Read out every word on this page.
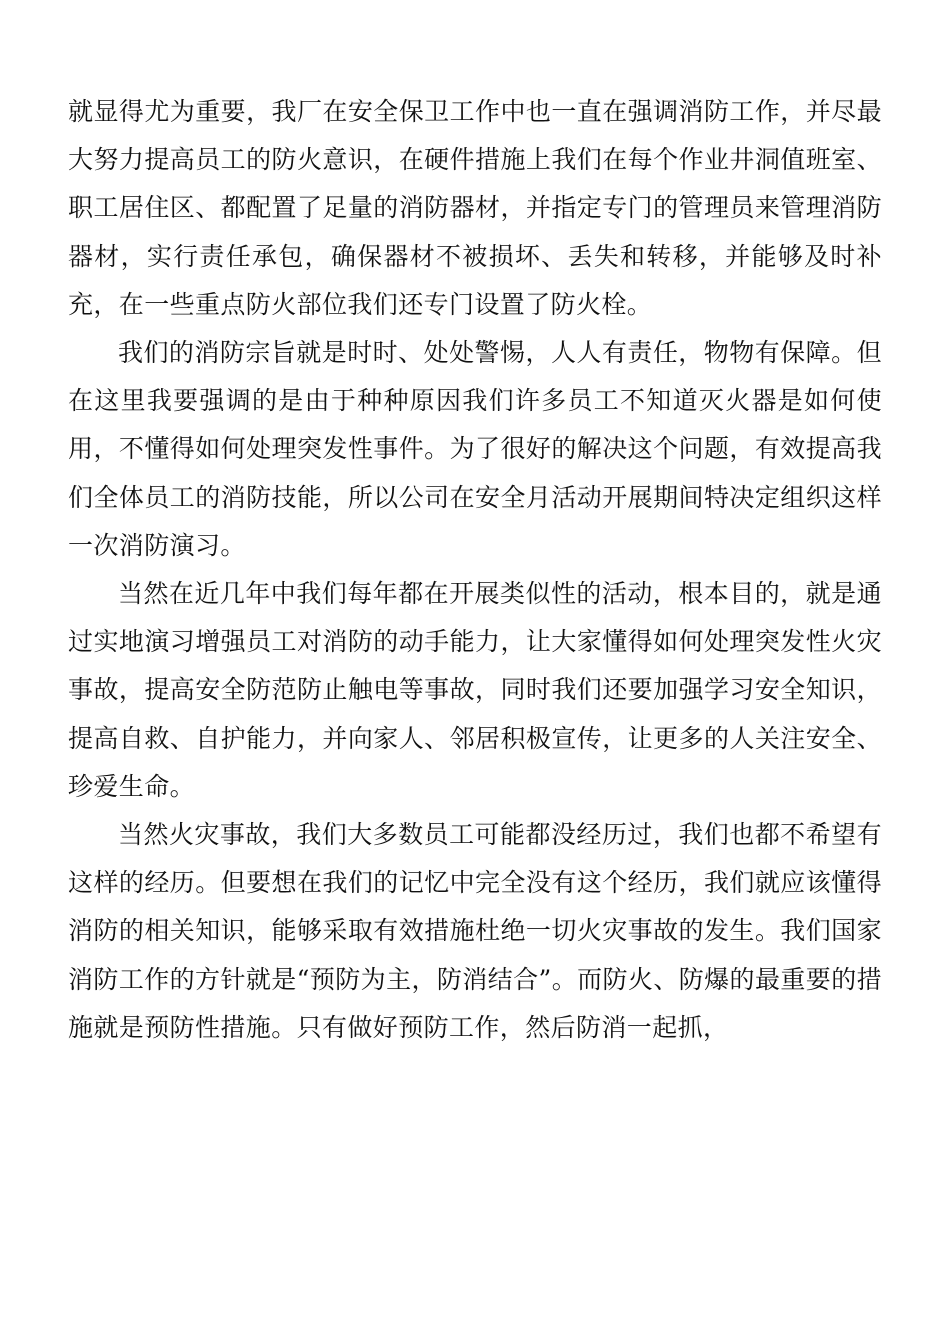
就显得尤为重要，我厂在安全保卫工作中也一直在强调消防工作，并尽最大努力提高员工的防火意识，在硬件措施上我们在每个作业井洞值班室、职工居住区、都配置了足量的消防器材，并指定专门的管理员来管理消防器材，实行责任承包，确保器材不被损坏、丢失和转移，并能够及时补充，在一些重点防火部位我们还专门设置了防火栓。

我们的消防宗旨就是时时、处处警惕，人人有责任，物物有保障。但在这里我要强调的是由于种种原因我们许多员工不知道灭火器是如何使用，不懂得如何处理突发性事件。为了很好的解决这个问题，有效提高我们全体员工的消防技能，所以公司在安全月活动开展期间特决定组织这样一次消防演习。

当然在近几年中我们每年都在开展类似性的活动，根本目的，就是通过实地演习增强员工对消防的动手能力，让大家懂得如何处理突发性火灾事故，提高安全防范防止触电等事故，同时我们还要加强学习安全知识，提高自救、自护能力，并向家人、邻居积极宣传，让更多的人关注安全、珍爱生命。

当然火灾事故，我们大多数员工可能都没经历过，我们也都不希望有这样的经历。但要想在我们的记忆中完全没有这个经历，我们就应该懂得消防的相关知识，能够采取有效措施杜绝一切火灾事故的发生。我们国家消防工作的方针就是“预防为主，防消结合”。而防火、防爆的最重要的措施就是预防性措施。只有做好预防工作，然后防消一起抓，
